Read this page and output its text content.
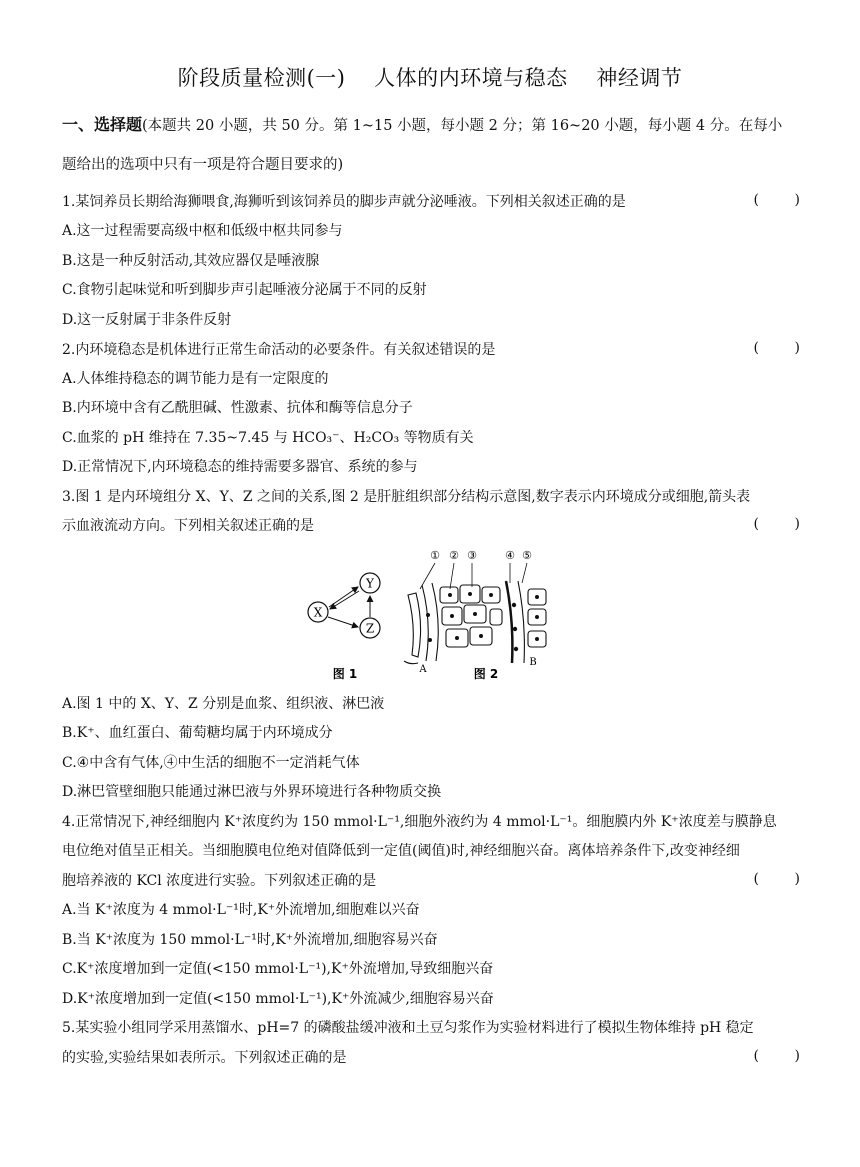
阶段质量检测(一)    人体的内环境与稳态    神经调节
一、选择题(本题共 20 小题，共 50 分。第 1~15 小题，每小题 2 分；第 16~20 小题，每小题 4 分。在每小
题给出的选项中只有一项是符合题目要求的)
1.某饲养员长期给海狮喂食,海狮听到该饲养员的脚步声就分泌唾液。下列相关叙述正确的是	(        )
A.这一过程需要高级中枢和低级中枢共同参与
B.这是一种反射活动,其效应器仅是唾液腺
C.食物引起味觉和听到脚步声引起唾液分泌属于不同的反射
D.这一反射属于非条件反射
2.内环境稳态是机体进行正常生命活动的必要条件。有关叙述错误的是	(        )
A.人体维持稳态的调节能力是有一定限度的
B.内环境中含有乙酰胆碱、性激素、抗体和酶等信息分子
C.血浆的 pH 维持在 7.35~7.45 与 HCO₃⁻、H₂CO₃ 等物质有关
D.正常情况下,内环境稳态的维持需要多器官、系统的参与
3.图 1 是内环境组分 X、Y、Z 之间的关系,图 2 是肝脏组织部分结构示意图,数字表示内环境成分或细胞,箭头表
示血液流动方向。下列相关叙述正确的是	(        )
Y
X
Z
图 1
① ② ③	④ ⑤
A
B
图 2
A.图 1 中的 X、Y、Z 分别是血浆、组织液、淋巴液
B.K⁺、血红蛋白、葡萄糖均属于内环境成分
C.④中含有气体,④中生活的细胞不一定消耗气体
D.淋巴管壁细胞只能通过淋巴液与外界环境进行各种物质交换
4.正常情况下,神经细胞内 K⁺浓度约为 150 mmol·L⁻¹,细胞外液约为 4 mmol·L⁻¹。细胞膜内外 K⁺浓度差与膜静息
电位绝对值呈正相关。当细胞膜电位绝对值降低到一定值(阈值)时,神经细胞兴奋。离体培养条件下,改变神经细
胞培养液的 KCl 浓度进行实验。下列叙述正确的是	(        )
A.当 K⁺浓度为 4 mmol·L⁻¹时,K⁺外流增加,细胞难以兴奋
B.当 K⁺浓度为 150 mmol·L⁻¹时,K⁺外流增加,细胞容易兴奋
C.K⁺浓度增加到一定值(<150 mmol·L⁻¹),K⁺外流增加,导致细胞兴奋
D.K⁺浓度增加到一定值(<150 mmol·L⁻¹),K⁺外流减少,细胞容易兴奋
5.某实验小组同学采用蒸馏水、pH=7 的磷酸盐缓冲液和土豆匀浆作为实验材料进行了模拟生物体维持 pH 稳定
的实验,实验结果如表所示。下列叙述正确的是	(        )
